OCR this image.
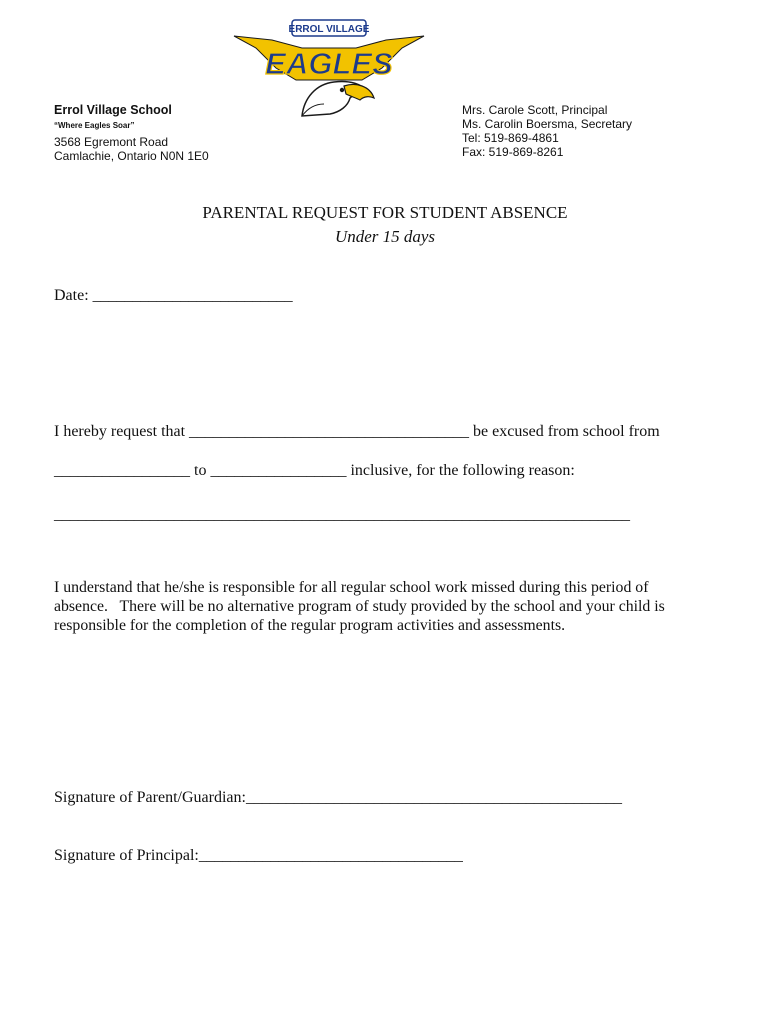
ERROL VILLAGE
EAGLES
Errol Village School
“Where Eagles Soar”
3568 Egremont Road
Camlachie, Ontario N0N 1E0
Mrs. Carole Scott, Principal
Ms. Carolin Boersma, Secretary
Tel: 519-869-4861
Fax: 519-869-8261
PARENTAL REQUEST FOR STUDENT ABSENCE
Under 15 days
Date: _________________________
I hereby request that ___________________________________ be excused from school from
_________________ to _________________ inclusive, for the following reason:
________________________________________________________________________
I understand that he/she is responsible for all regular school work missed during this period of
absence.   There will be no alternative program of study provided by the school and your child is
responsible for the completion of the regular program activities and assessments.
Signature of Parent/Guardian:_______________________________________________
Signature of Principal:_________________________________
